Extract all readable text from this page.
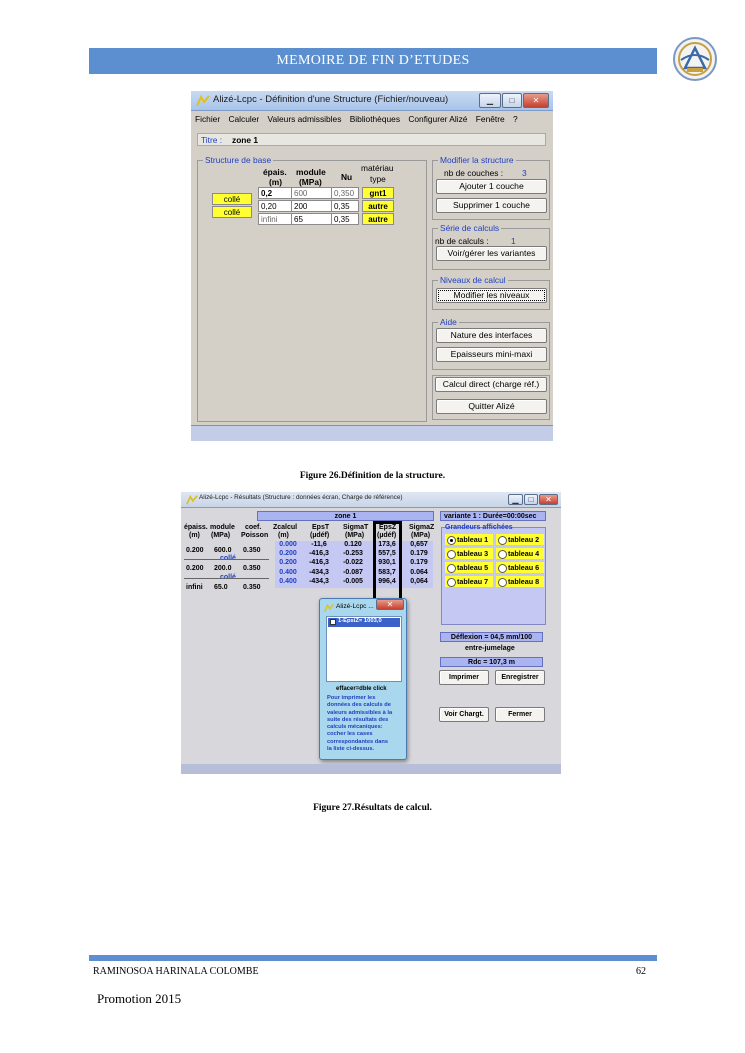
MEMOIRE DE FIN D’ETUDES
Alizé-Lcpc - Définition d'une Structure (Fichier/nouveau)	▁	□	✕
Fichier Calculer Valeurs admissibles Bibliothèques Configurer Alizé Fenêtre ?
Titre : zone 1
Structure de base
épais.
(m)
module
(MPa) Nu
matériau
type
0,2	600	0,350	gnt1
collé
0,20	200	0,35	autre
collé
infini	65	0,35	autre
Modifier la structure
nb de couches : 3
Ajouter 1 couche
Supprimer 1 couche
Série de calculs
nb de calculs :	1
Voir/gérer les variantes
Niveaux de calcul
Modifier les niveaux
Aide
Nature des interfaces
Epaisseurs mini-maxi
Calcul direct (charge réf.)
Quitter Alizé
Figure 26.Définition de la structure.
Alizé-Lcpc - Résultats (Structure : données écran, Charge de référence)	▁	□	✕
zone 1
épaiss.
(m)
module
(MPa)
coef.
Poisson
Zcalcul
(m)
EpsT
(µdéf)
SigmaT
(MPa)
EpsZ
(µdéf)
SigmaZ
(MPa)
0.200 600.0 0.350
collé
0.200 200.0 0.350
collé
infini 65.0 0.350
0.000	-11,6	0.120	173,6	0,657
0.200	-416,3	-0.253	557,5	0.179
0.200	-416,3	-0.022	930,1	0.179
0.400	-434,3	-0.087	583,7	0.064
0.400	-434,3	-0.005	996,4	0,064
variante 1 : Durée=00:00sec
Grandeurs affichées
tableau 1	tableau 2
tableau 3	tableau 4
tableau 5	tableau 6
tableau 7	tableau 8
Déflexion = 04,5 mm/100
entre-jumelage
Rdc = 107,3 m
Imprimer	Enregistrer
Voir Chargt.	Fermer
Alizé-Lcpc ...	✕
1-EpsiZ= 1003,0
effacer=dble click
Pour imprimer les
données des calculs de
valeurs admissibles à la
suite des résultats des
calculs mécaniques:
cocher les cases
correspondantes dans
la liste ci-dessus.
Figure 27.Résultats de calcul.
RAMINOSOA HARINALA COLOMBE	62
Promotion 2015
